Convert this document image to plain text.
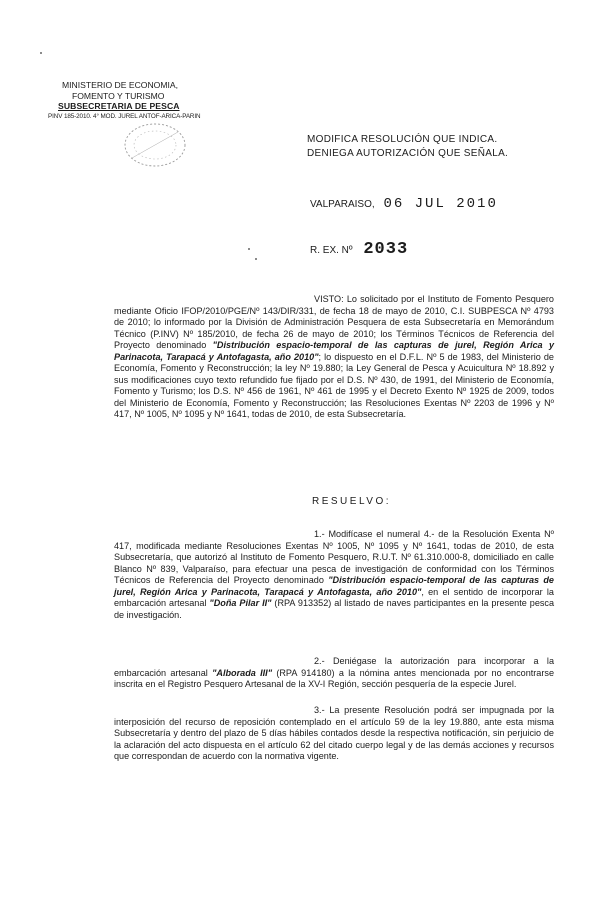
MINISTERIO DE ECONOMIA,
FOMENTO Y TURISMO
SUBSECRETARIA DE PESCA
PINV 185-2010. 4° MOD. JUREL ANTOF-ARICA-PARIN
MODIFICA RESOLUCIÓN QUE INDICA.
DENIEGA AUTORIZACIÓN QUE SEÑALA.
VALPARAISO, 06 JUL 2010
R. EX. Nº 2033
VISTO: Lo solicitado por el Instituto de Fomento Pesquero mediante Oficio IFOP/2010/PGE/Nº 143/DIR/331, de fecha 18 de mayo de 2010, C.I. SUBPESCA Nº 4793 de 2010; lo informado por la División de Administración Pesquera de esta Subsecretaría en Memorándum Técnico (P.INV) Nº 185/2010, de fecha 26 de mayo de 2010; los Términos Técnicos de Referencia del Proyecto denominado "Distribución espacio-temporal de las capturas de jurel, Región Arica y Parinacota, Tarapacá y Antofagasta, año 2010"; lo dispuesto en el D.F.L. Nº 5 de 1983, del Ministerio de Economía, Fomento y Reconstrucción; la ley Nº 19.880; la Ley General de Pesca y Acuicultura Nº 18.892 y sus modificaciones cuyo texto refundido fue fijado por el D.S. Nº 430, de 1991, del Ministerio de Economía, Fomento y Turismo; los D.S. Nº 456 de 1961, Nº 461 de 1995 y el Decreto Exento Nº 1925 de 2009, todos del Ministerio de Economía, Fomento y Reconstrucción; las Resoluciones Exentas Nº 2203 de 1996 y Nº 417, Nº 1005, Nº 1095 y Nº 1641, todas de 2010, de esta Subsecretaría.
RESUELVO:
1.- Modifícase el numeral 4.- de la Resolución Exenta Nº 417, modificada mediante Resoluciones Exentas Nº 1005, Nº 1095 y Nº 1641, todas de 2010, de esta Subsecretaría, que autorizó al Instituto de Fomento Pesquero, R.U.T. Nº 61.310.000-8, domiciliado en calle Blanco Nº 839, Valparaíso, para efectuar una pesca de investigación de conformidad con los Términos Técnicos de Referencia del Proyecto denominado "Distribución espacio-temporal de las capturas de jurel, Región Arica y Parinacota, Tarapacá y Antofagasta, año 2010", en el sentido de incorporar la embarcación artesanal "Doña Pilar II" (RPA 913352) al listado de naves participantes en la presente pesca de investigación.
2.- Deniégase la autorización para incorporar a la embarcación artesanal "Alborada III" (RPA 914180) a la nómina antes mencionada por no encontrarse inscrita en el Registro Pesquero Artesanal de la XV-I Región, sección pesquería de la especie Jurel.
3.- La presente Resolución podrá ser impugnada por la interposición del recurso de reposición contemplado en el artículo 59 de la ley 19.880, ante esta misma Subsecretaría y dentro del plazo de 5 días hábiles contados desde la respectiva notificación, sin perjuicio de la aclaración del acto dispuesta en el artículo 62 del citado cuerpo legal y de las demás acciones y recursos que correspondan de acuerdo con la normativa vigente.
